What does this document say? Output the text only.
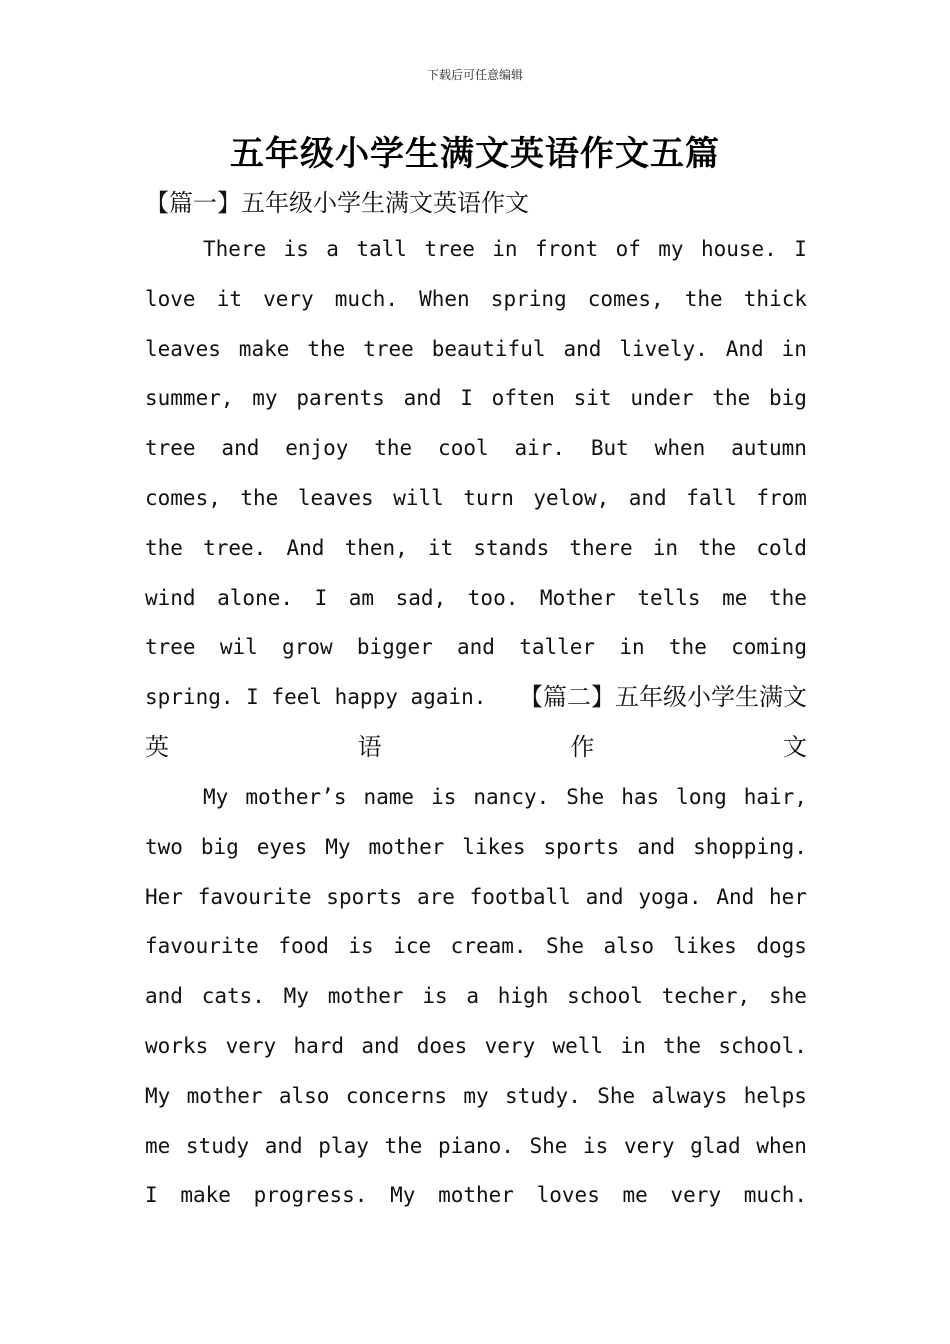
下载后可任意编辑
五年级小学生满文英语作文五篇
【篇一】五年级小学生满文英语作文
There is a tall tree in front of my house. I
love it very much. When spring comes, the thick
leaves make the tree beautiful and lively. And in
summer, my parents and I often sit under the big
tree and enjoy the cool air. But when autumn
comes, the leaves will turn yelow, and fall from
the tree. And then, it stands there in the cold
wind alone. I am sad, too. Mother tells me the
tree wil grow bigger and taller in the coming
spring. I feel happy again. 【篇二】五年级小学生满文
英语作文
My mother’s name is nancy. She has long hair,
two big eyes My mother likes sports and shopping.
Her favourite sports are football and yoga. And her
favourite food is ice cream. She also likes dogs
and cats. My mother is a high school techer, she
works very hard and does very well in the school.
My mother also concerns my study. She always helps
me study and play the piano. She is very glad when
I make progress. My mother loves me very much.
